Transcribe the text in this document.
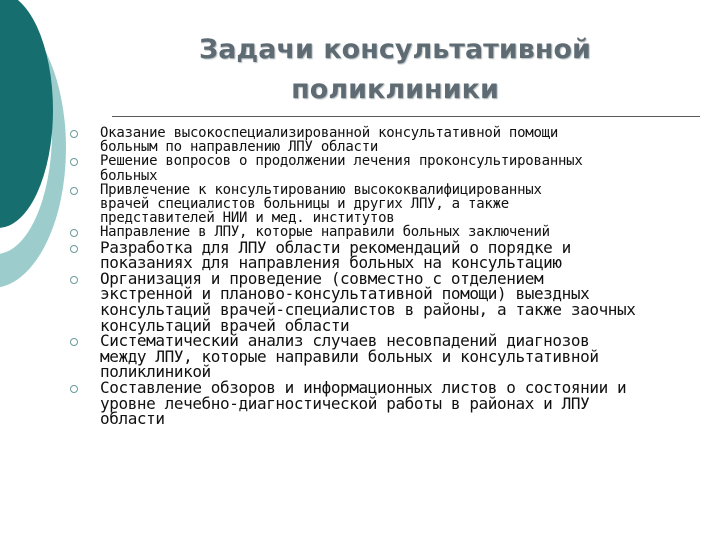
Задачи консультативной
поликлиники
Оказание высокоспециализированной консультативной помощи
больным по направлению ЛПУ области
Решение вопросов о продолжении лечения проконсультированных
больных
Привлечение к консультированию высококвалифицированных
врачей специалистов больницы и других ЛПУ, а также
представителей НИИ и мед. институтов
Направление в ЛПУ, которые направили больных заключений
Разработка для ЛПУ области рекомендаций о порядке и
показаниях для направления больных на консультацию
Организация и проведение (совместно с отделением
экстренной и планово-консультативной помощи) выездных
консультаций врачей-специалистов в районы, а также заочных
консультаций врачей области
Систематический анализ случаев несовпадений диагнозов
между ЛПУ, которые направили больных и консультативной
поликлиникой
Составление обзоров и информационных листов о состоянии и
уровне лечебно-диагностической работы в районах и ЛПУ
области
